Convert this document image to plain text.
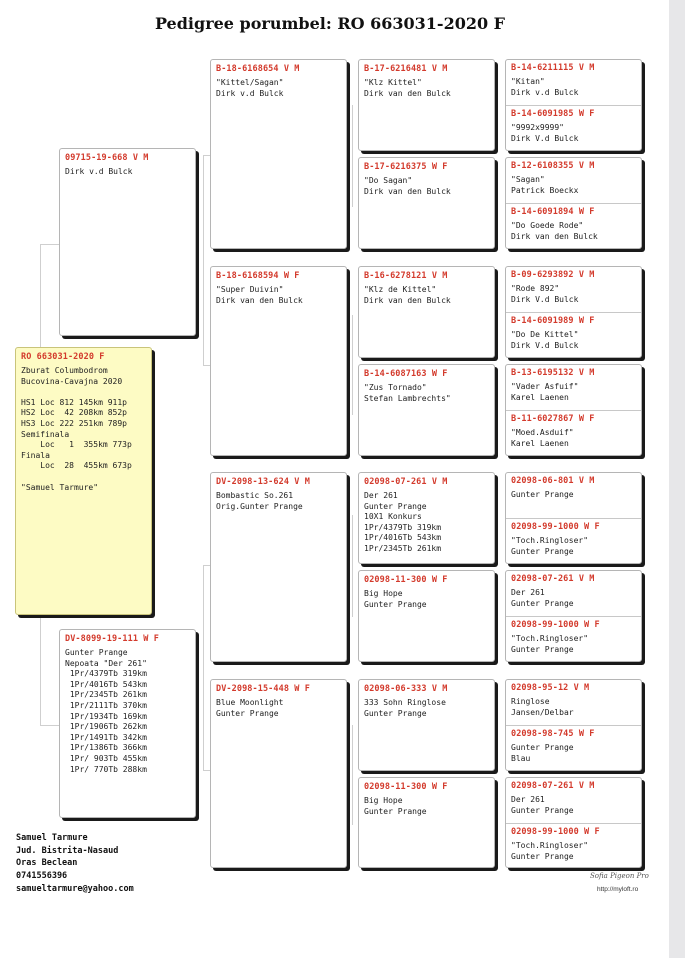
Pedigree porumbel: RO 663031-2020 F
RO 663031-2020 F
Zburat Columbodrom
Bucovina-Cavajna 2020

HS1 Loc 812 145km 911p
HS2 Loc  42 208km 852p
HS3 Loc 222 251km 789p
Semifinala
Loc   1  355km 773p
Finala
Loc  28  455km 673p

"Samuel Tarmure"
09715-19-668 V M
Dirk v.d Bulck
DV-8099-19-111 W F
Gunter Prange
Nepoata "Der 261"
1Pr/4379Tb 319km
1Pr/4016Tb 543km
1Pr/2345Tb 261km
1Pr/2111Tb 370km
1Pr/1934Tb 169km
1Pr/1906Tb 262km
1Pr/1491Tb 342km
1Pr/1386Tb 366km
1Pr/ 903Tb 455km
1Pr/ 770Tb 288km
B-18-6168654 V M
"Kittel/Sagan"
Dirk v.d Bulck
B-18-6168594 W F
"Super Duivin"
Dirk van den Bulck
DV-2098-13-624 V M
Bombastic So.261
Orig.Gunter Prange
DV-2098-15-448 W F
Blue Moonlight
Gunter Prange
B-17-6216481 V M
"Klz Kittel"
Dirk van den Bulck
B-17-6216375 W F
"Do Sagan"
Dirk van den Bulck
B-16-6278121 V M
"Klz de Kittel"
Dirk van den Bulck
B-14-6087163 W F
"Zus Tornado"
Stefan Lambrechts"
02098-07-261 V M
Der 261
Gunter Prange
10X1 Konkurs
1Pr/4379Tb 319km
1Pr/4016Tb 543km
1Pr/2345Tb 261km
02098-11-300 W F
Big Hope
Gunter Prange
02098-06-333 V M
333 Sohn Ringlose
Gunter Prange
02098-11-300 W F
Big Hope
Gunter Prange
B-14-6211115 V M
"Kitan"
Dirk v.d Bulck
B-14-6091985 W F
"9992x9999"
Dirk V.d Bulck
B-12-6108355 V M
"Sagan"
Patrick Boeckx
B-14-6091894 W F
"Do Goede Rode"
Dirk van den Bulck
B-09-6293892 V M
"Rode 892"
Dirk V.d Bulck
B-14-6091989 W F
"Do De Kittel"
Dirk V.d Bulck
B-13-6195132 V M
"Vader Asfuif"
Karel Laenen
B-11-6027867 W F
"Moed.Asduif"
Karel Laenen
02098-06-801 V M
Gunter Prange
02098-99-1000 W F
"Toch.Ringloser"
Gunter Prange
02098-07-261 V M
Der 261
Gunter Prange
02098-99-1000 W F
"Toch.Ringloser"
Gunter Prange
02098-95-12 V M
Ringlose
Jansen/Delbar
02098-98-745 W F
Gunter Prange
Blau
02098-07-261 V M
Der 261
Gunter Prange
02098-99-1000 W F
"Toch.Ringloser"
Gunter Prange
Samuel Tarmure
Jud. Bistrita-Nasaud
Oras Beclean
0741556396
samueltarmure@yahoo.com
Sofia Pigeon Pro
http://myloft.ro
